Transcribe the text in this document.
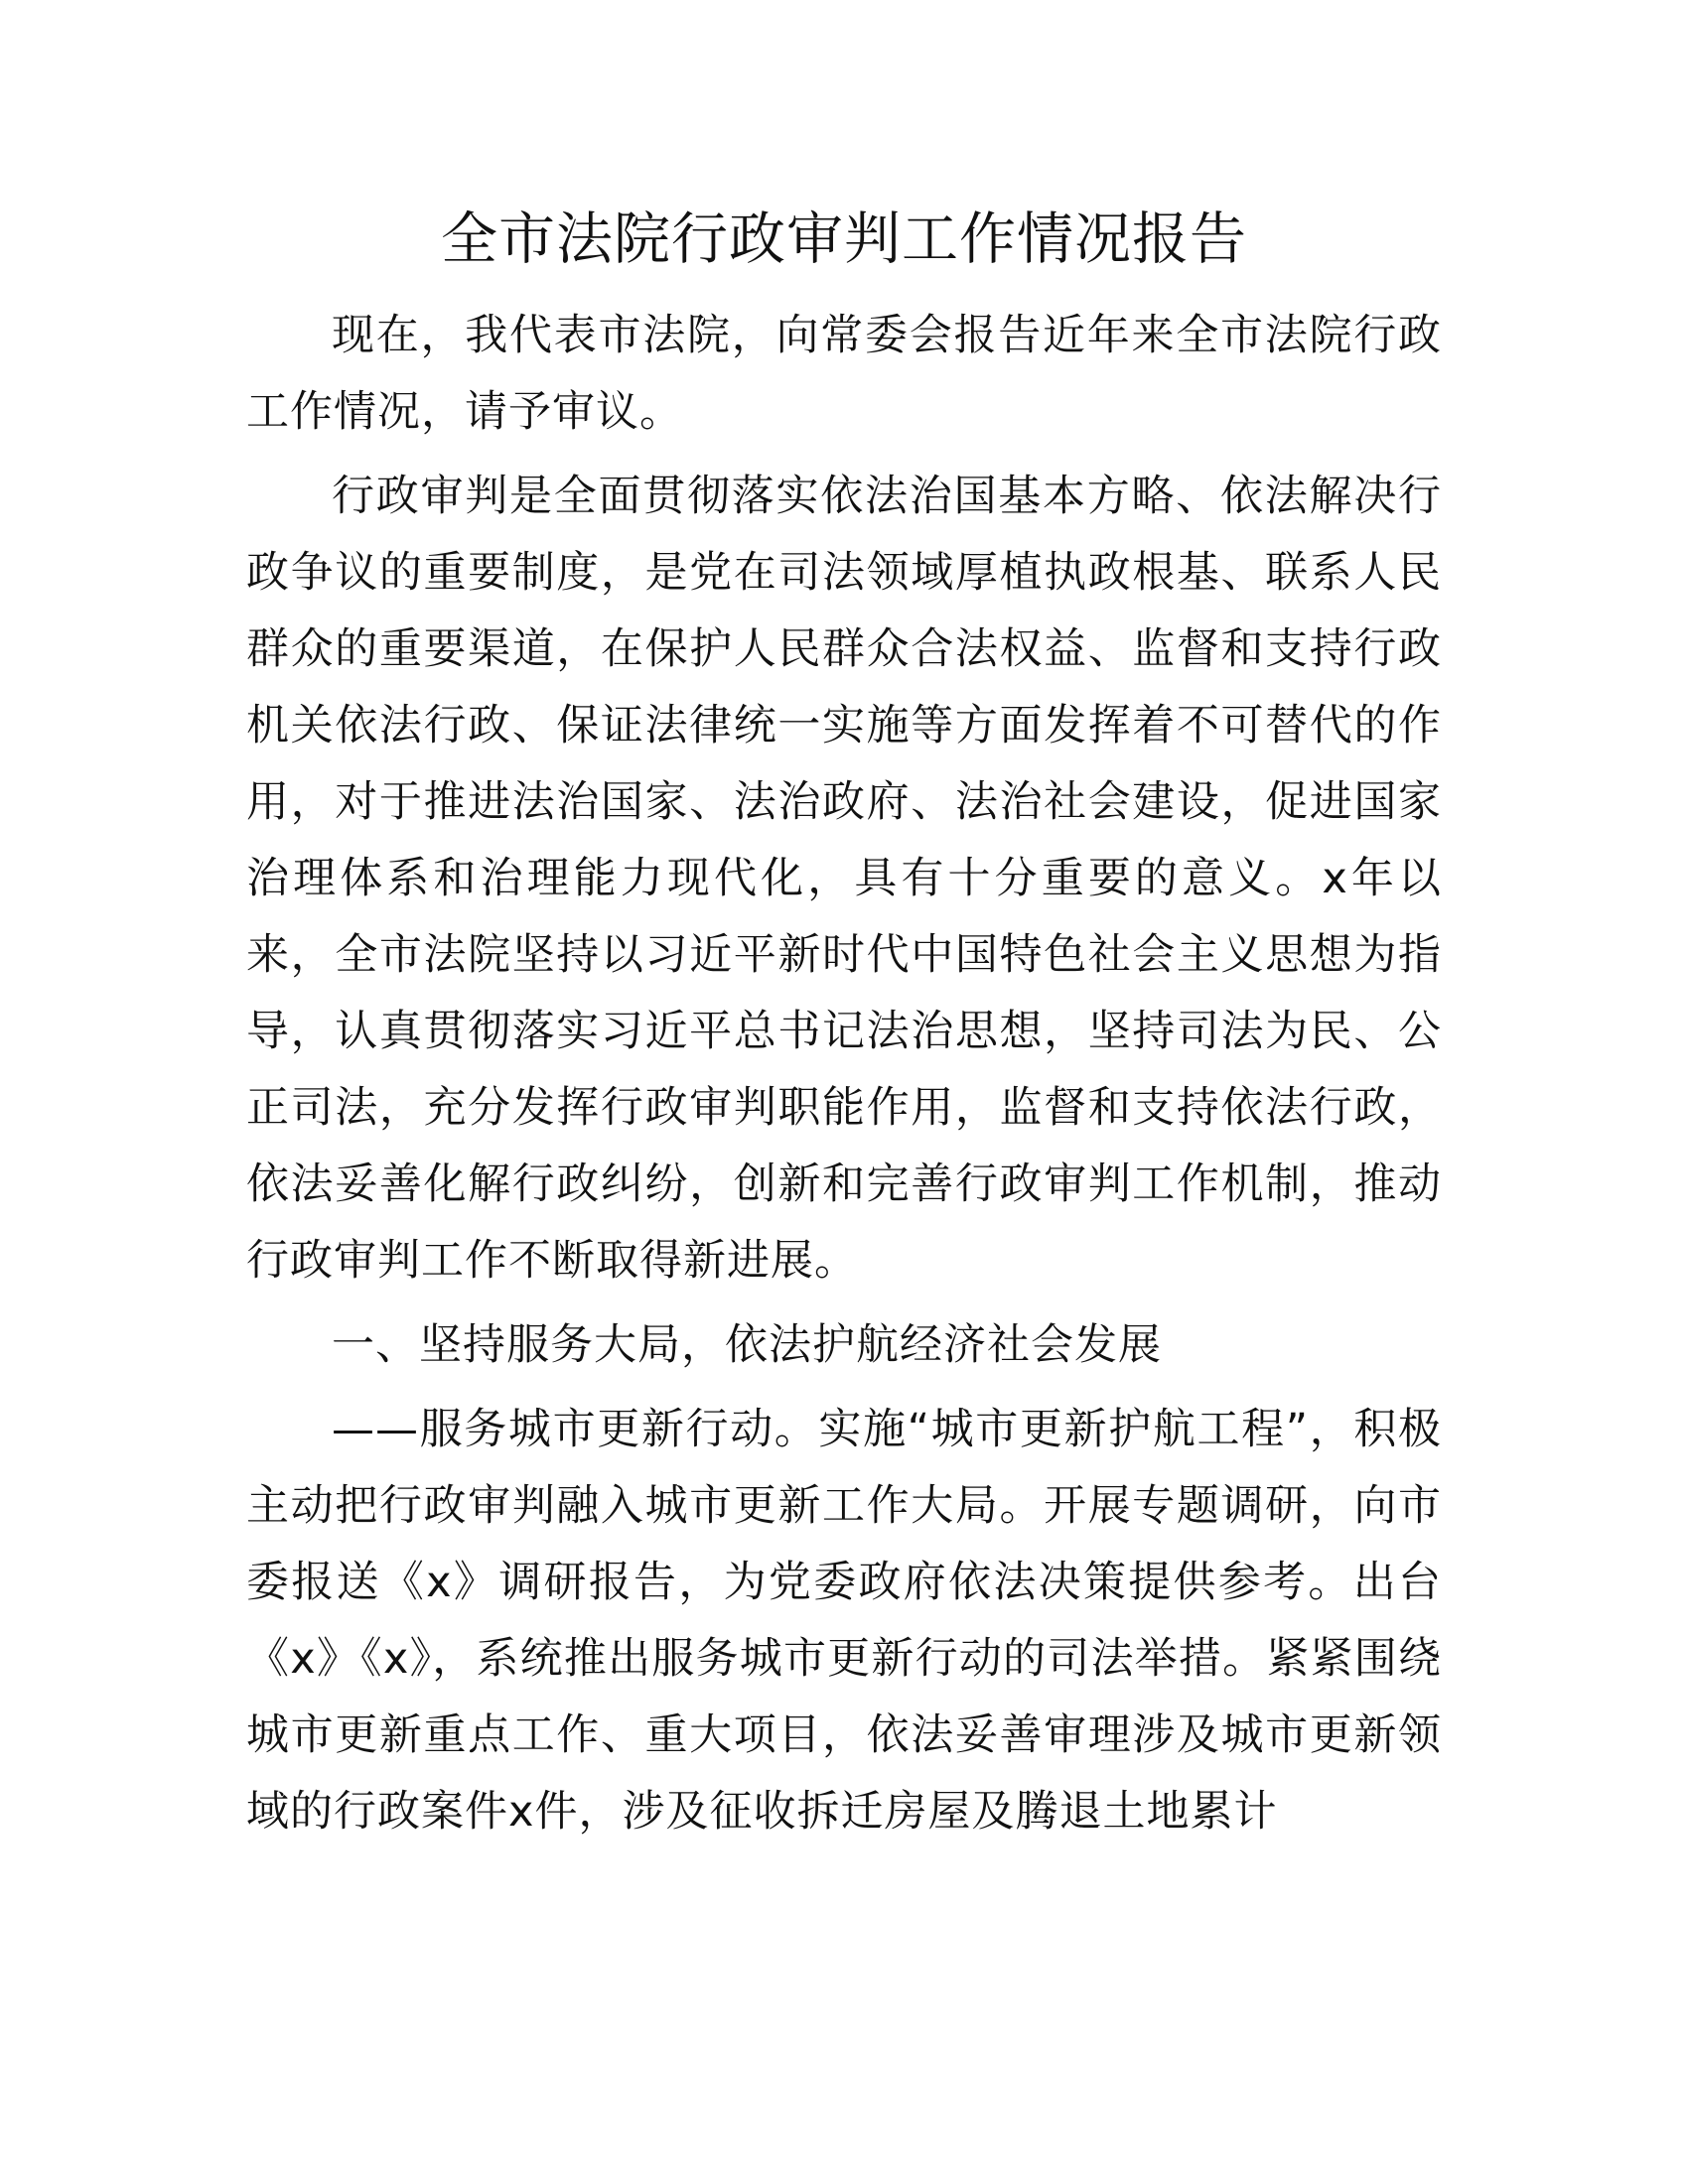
全市法院行政审判工作情况报告

现在，我代表市法院，向常委会报告近年来全市法院行政工作情况，请予审议。

行政审判是全面贯彻落实依法治国基本方略、依法解决行政争议的重要制度，是党在司法领域厚植执政根基、联系人民群众的重要渠道，在保护人民群众合法权益、监督和支持行政机关依法行政、保证法律统一实施等方面发挥着不可替代的作用，对于推进法治国家、法治政府、法治社会建设，促进国家治理体系和治理能力现代化，具有十分重要的意义。x年以来，全市法院坚持以习近平新时代中国特色社会主义思想为指导，认真贯彻落实习近平总书记法治思想，坚持司法为民、公正司法，充分发挥行政审判职能作用，监督和支持依法行政，依法妥善化解行政纠纷，创新和完善行政审判工作机制，推动行政审判工作不断取得新进展。

一、坚持服务大局，依法护航经济社会发展

——服务城市更新行动。实施“城市更新护航工程”，积极主动把行政审判融入城市更新工作大局。开展专题调研，向市委报送《x》调研报告，为党委政府依法决策提供参考。出台《x》《x》，系统推出服务城市更新行动的司法举措。紧紧围绕城市更新重点工作、重大项目，依法妥善审理涉及城市更新领域的行政案件x件，涉及征收拆迁房屋及腾退土地累计
